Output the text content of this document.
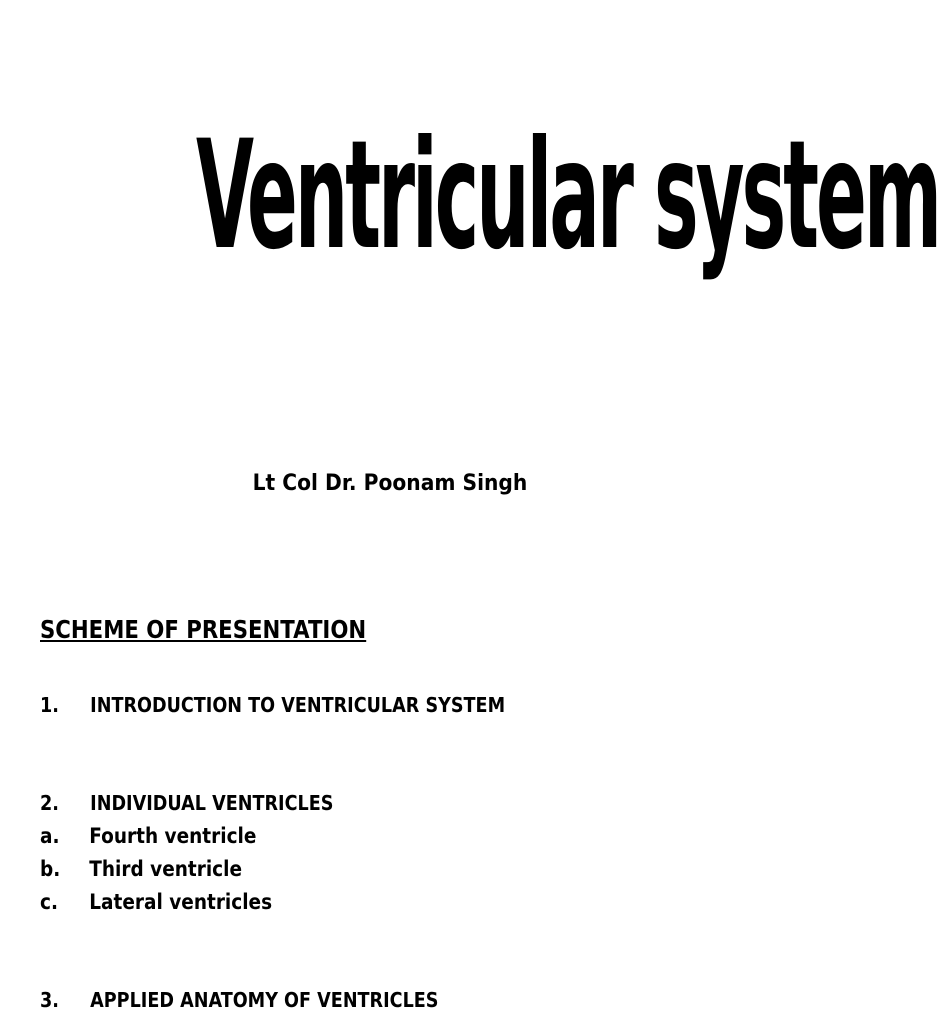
Ventricular system
Lt Col Dr. Poonam Singh
SCHEME OF PRESENTATION
1. INTRODUCTION TO VENTRICULAR SYSTEM
2. INDIVIDUAL VENTRICLES
a. Fourth ventricle
b. Third ventricle
c. Lateral ventricles
3. APPLIED ANATOMY OF VENTRICLES
